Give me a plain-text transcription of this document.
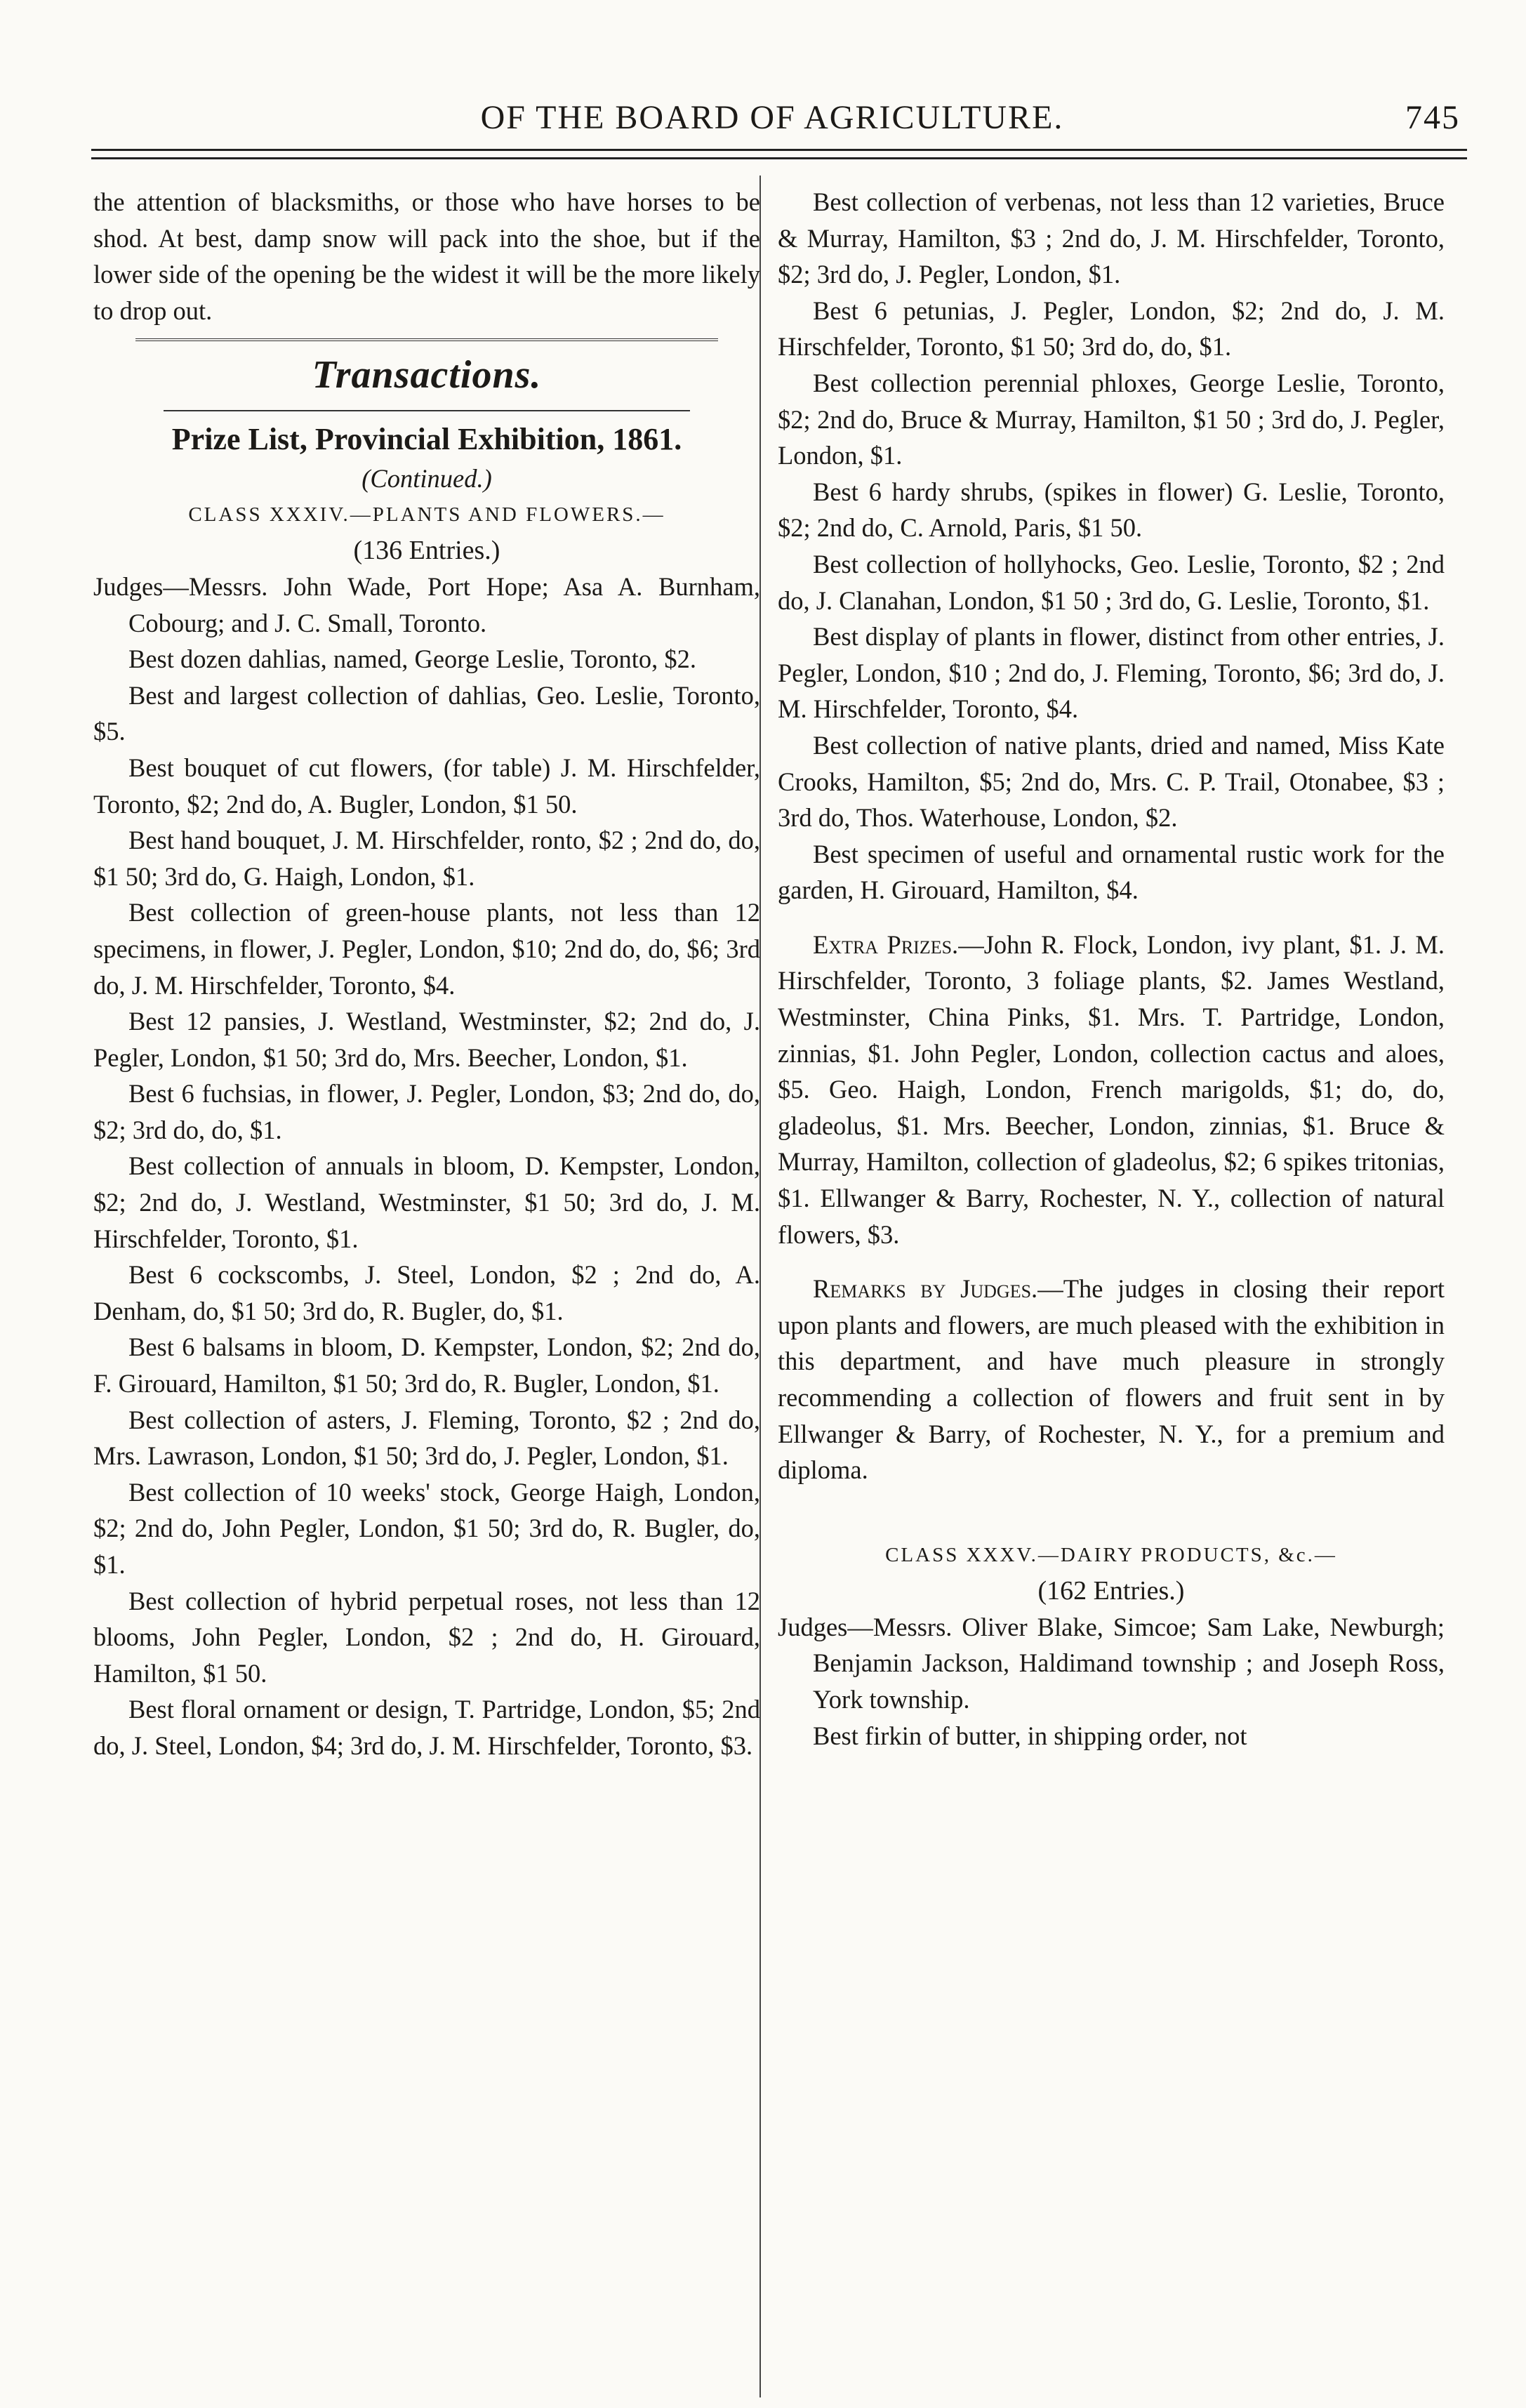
OF THE BOARD OF AGRICULTURE.	745

the attention of blacksmiths, or those who have horses to be shod. At best, damp snow will pack into the shoe, but if the lower side of the opening be the widest it will be the more likely to drop out.

Transactions.

Prize List, Provincial Exhibition, 1861.

(Continued.)

CLASS XXXIV.—PLANTS AND FLOWERS.—

(136 Entries.)

Judges—Messrs. John Wade, Port Hope; Asa A. Burnham, Cobourg; and J. C. Small, Toronto.

Best dozen dahlias, named, George Leslie, Toronto, $2.

Best and largest collection of dahlias, Geo. Leslie, Toronto, $5.

Best bouquet of cut flowers, (for table) J. M. Hirschfelder, Toronto, $2; 2nd do, A. Bugler, London, $1 50.

Best hand bouquet, J. M. Hirschfelder, ronto, $2 ; 2nd do, do, $1 50; 3rd do, G. Haigh, London, $1.

Best collection of green-house plants, not less than 12 specimens, in flower, J. Pegler, London, $10; 2nd do, do, $6; 3rd do, J. M. Hirschfelder, Toronto, $4.

Best 12 pansies, J. Westland, Westminster, $2; 2nd do, J. Pegler, London, $1 50; 3rd do, Mrs. Beecher, London, $1.

Best 6 fuchsias, in flower, J. Pegler, London, $3; 2nd do, do, $2; 3rd do, do, $1.

Best collection of annuals in bloom, D. Kempster, London, $2; 2nd do, J. Westland, Westminster, $1 50; 3rd do, J. M. Hirschfelder, Toronto, $1.

Best 6 cockscombs, J. Steel, London, $2 ; 2nd do, A. Denham, do, $1 50; 3rd do, R. Bugler, do, $1.

Best 6 balsams in bloom, D. Kempster, London, $2; 2nd do, F. Girouard, Hamilton, $1 50; 3rd do, R. Bugler, London, $1.

Best collection of asters, J. Fleming, Toronto, $2 ; 2nd do, Mrs. Lawrason, London, $1 50; 3rd do, J. Pegler, London, $1.

Best collection of 10 weeks' stock, George Haigh, London, $2; 2nd do, John Pegler, London, $1 50; 3rd do, R. Bugler, do, $1.

Best collection of hybrid perpetual roses, not less than 12 blooms, John Pegler, London, $2 ; 2nd do, H. Girouard, Hamilton, $1 50.

Best floral ornament or design, T. Partridge, London, $5; 2nd do, J. Steel, London, $4; 3rd do, J. M. Hirschfelder, Toronto, $3.

Best collection of verbenas, not less than 12 varieties, Bruce & Murray, Hamilton, $3 ; 2nd do, J. M. Hirschfelder, Toronto, $2; 3rd do, J. Pegler, London, $1.

Best 6 petunias, J. Pegler, London, $2; 2nd do, J. M. Hirschfelder, Toronto, $1 50; 3rd do, do, $1.

Best collection perennial phloxes, George Leslie, Toronto, $2; 2nd do, Bruce & Murray, Hamilton, $1 50 ; 3rd do, J. Pegler, London, $1.

Best 6 hardy shrubs, (spikes in flower) G. Leslie, Toronto, $2; 2nd do, C. Arnold, Paris, $1 50.

Best collection of hollyhocks, Geo. Leslie, Toronto, $2 ; 2nd do, J. Clanahan, London, $1 50 ; 3rd do, G. Leslie, Toronto, $1.

Best display of plants in flower, distinct from other entries, J. Pegler, London, $10 ; 2nd do, J. Fleming, Toronto, $6; 3rd do, J. M. Hirschfelder, Toronto, $4.

Best collection of native plants, dried and named, Miss Kate Crooks, Hamilton, $5; 2nd do, Mrs. C. P. Trail, Otonabee, $3 ; 3rd do, Thos. Waterhouse, London, $2.

Best specimen of useful and ornamental rustic work for the garden, H. Girouard, Hamilton, $4.

Extra Prizes.—John R. Flock, London, ivy plant, $1. J. M. Hirschfelder, Toronto, 3 foliage plants, $2. James Westland, Westminster, China Pinks, $1. Mrs. T. Partridge, London, zinnias, $1. John Pegler, London, collection cactus and aloes, $5. Geo. Haigh, London, French marigolds, $1; do, do, gladeolus, $1. Mrs. Beecher, London, zinnias, $1. Bruce & Murray, Hamilton, collection of gladeolus, $2; 6 spikes tritonias, $1. Ellwanger & Barry, Rochester, N. Y., collection of natural flowers, $3.

Remarks by Judges.—The judges in closing their report upon plants and flowers, are much pleased with the exhibition in this department, and have much pleasure in strongly recommending a collection of flowers and fruit sent in by Ellwanger & Barry, of Rochester, N. Y., for a premium and diploma.

CLASS XXXV.—DAIRY PRODUCTS, &c.—

(162 Entries.)

Judges—Messrs. Oliver Blake, Simcoe; Sam Lake, Newburgh; Benjamin Jackson, Haldimand township ; and Joseph Ross, York township.

Best firkin of butter, in shipping order, not
